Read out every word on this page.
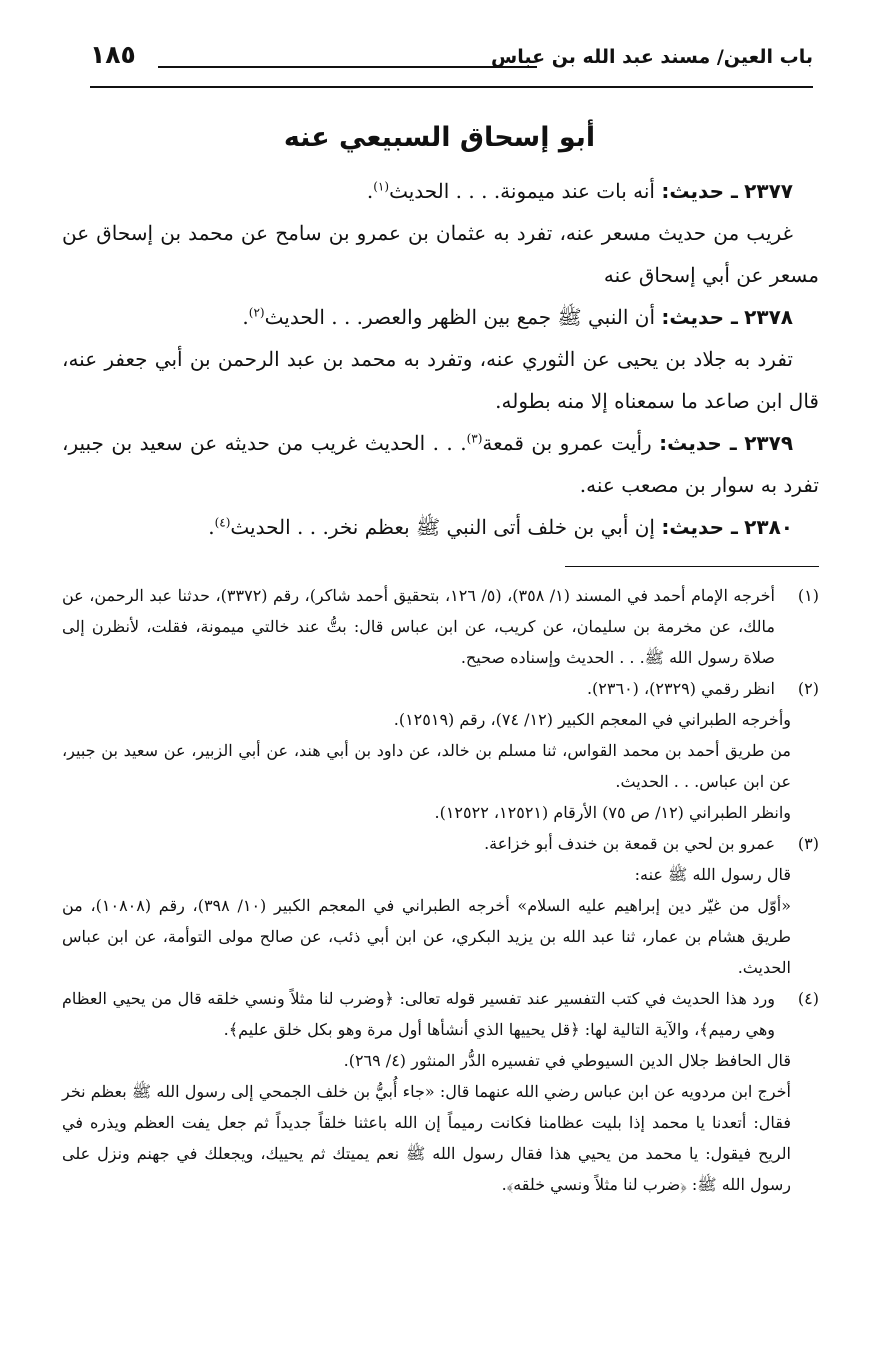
باب العين/ مسند عبد الله بن عباس
١٨٥
أبو إسحاق السبيعي عنه

٢٣٧٧ ـ حديث: أنه بات عند ميمونة. . . . الحديث$^{(١)}$.

غريب من حديث مسعر عنه، تفرد به عثمان بن عمرو بن سامح عن محمد بن إسحاق عن مسعر عن أبي إسحاق عنه

٢٣٧٨ ـ حديث: أن النبي ﷺ جمع بين الظهر والعصر. . . الحديث$^{(٢)}$.

تفرد به جلاد بن يحيى عن الثوري عنه، وتفرد به محمد بن عبد الرحمن بن أبي جعفر عنه، قال ابن صاعد ما سمعناه إلا منه بطوله.

٢٣٧٩ ـ حديث: رأيت عمرو بن قمعة$^{(٣)}$. . . الحديث غريب من حديثه عن سعيد بن جبير، تفرد به سوار بن مصعب عنه.

٢٣٨٠ ـ حديث: إن أبي بن خلف أتى النبي ﷺ بعظم نخر. . . الحديث$^{(٤)}$.

(١)

أخرجه الإمام أحمد في المسند (١/ ٣٥٨)، (٥/ ١٢٦، بتحقيق أحمد شاكر)، رقم (٣٣٧٢)، حدثنا عبد الرحمن، عن مالك، عن مخرمة بن سليمان، عن كريب، عن ابن عباس قال: بتُّ عند خالتي ميمونة، فقلت، لأنظرن إلى صلاة رسول الله ﷺ. . . الحديث وإسناده صحيح.

(٢)

انظر رقمي (٢٣٢٩)، (٢٣٦٠).

وأخرجه الطبراني في المعجم الكبير (١٢/ ٧٤)، رقم (١٢٥١٩).

من طريق أحمد بن محمد القواس، ثنا مسلم بن خالد، عن داود بن أبي هند، عن أبي الزبير، عن سعيد بن جبير، عن ابن عباس. . . الحديث.

وانظر الطبراني (١٢/ ص ٧٥) الأرقام (١٢٥٢١، ١٢٥٢٢).

(٣)

عمرو بن لحي بن قمعة بن خندف أبو خزاعة.

قال رسول الله ﷺ عنه:

«أوّل من غيّر دين إبراهيم عليه السلام» أخرجه الطبراني في المعجم الكبير (١٠/ ٣٩٨)، رقم (١٠٨٠٨)، من طريق هشام بن عمار، ثنا عبد الله بن يزيد البكري، عن ابن أبي ذئب، عن صالح مولى التوأمة، عن ابن عباس الحديث.

(٤)

ورد هذا الحديث في كتب التفسير عند تفسير قوله تعالى: ﴿وضرب لنا مثلاً ونسي خلقه قال من يحيي العظام وهي رميم﴾، والآية التالية لها: ﴿قل يحييها الذي أنشأها أول مرة وهو بكل خلق عليم﴾.

قال الحافظ جلال الدين السيوطي في تفسيره الدُّر المنثور (٤/ ٢٦٩).

أخرج ابن مردويه عن ابن عباس رضي الله عنهما قال: «جاء أُبيُّ بن خلف الجمحي إلى رسول الله ﷺ بعظم نخر فقال: أتعدنا يا محمد إذا بليت عظامنا فكانت رميماً إن الله باعثنا خلقاً جديداً ثم جعل يفت العظم ويذره في الريح فيقول: يا محمد من يحيي هذا فقال رسول الله ﷺ نعم يميتك ثم يحييك، ويجعلك في جهنم ونزل على رسول الله ﷺ: ﴿ضرب لنا مثلاً ونسي خلقه﴾.
